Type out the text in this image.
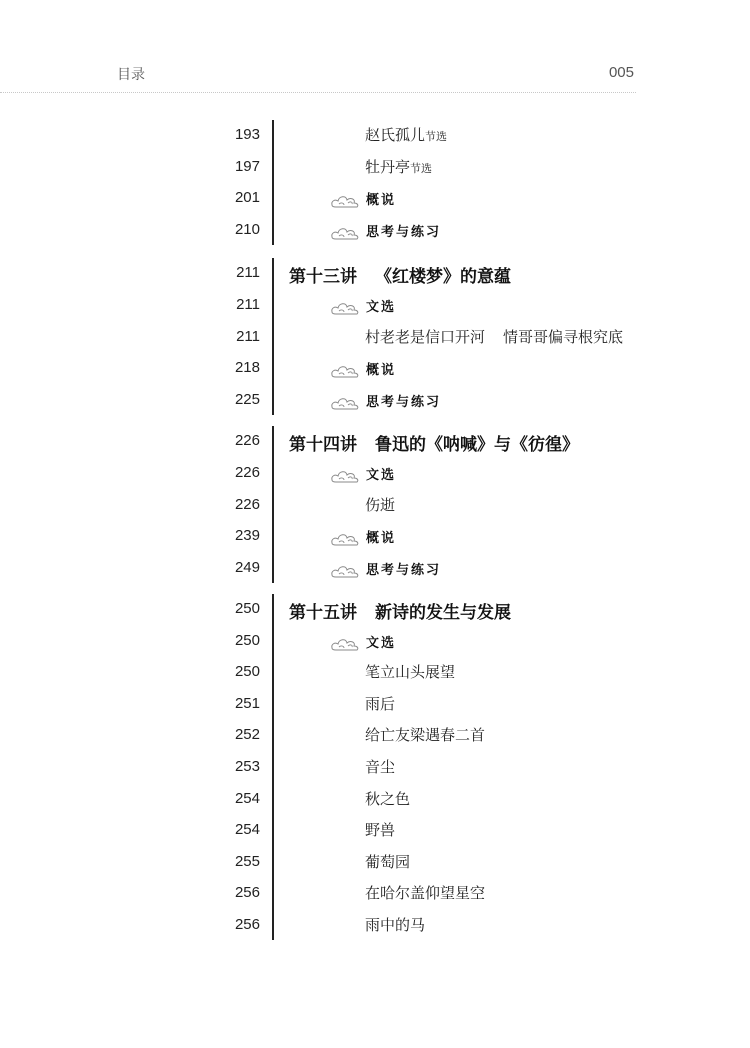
目录	005
193	赵氏孤儿节选
197	牡丹亭节选
201	概说
210	思考与练习
211 第十三讲 《红楼梦》的意蕴
211	文选
211	村老老是信口开河 情哥哥偏寻根究底
218	概说
225	思考与练习
226 第十四讲 鲁迅的《呐喊》与《彷徨》
226	文选
226	伤逝
239	概说
249	思考与练习
250 第十五讲 新诗的发生与发展
250	文选
250	笔立山头展望
251	雨后
252	给亡友梁遇春二首
253	音尘
254	秋之色
254	野兽
255	葡萄园
256	在哈尔盖仰望星空
256	雨中的马
